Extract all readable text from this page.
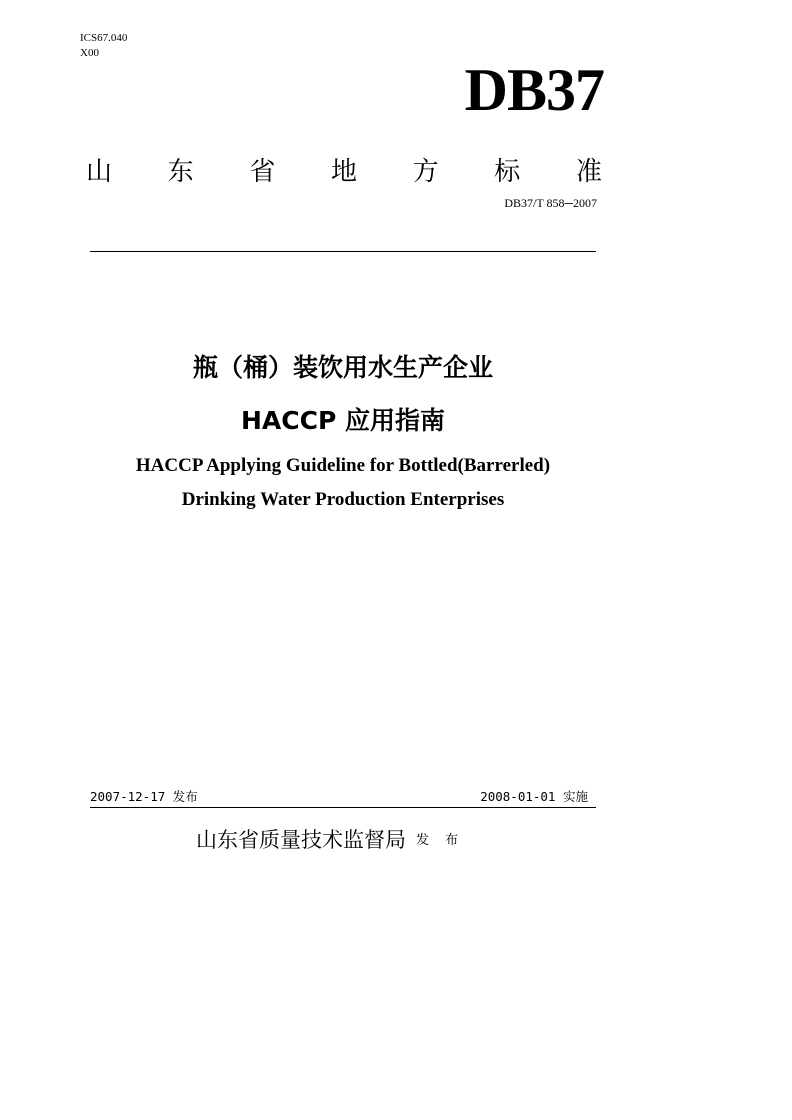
ICS67.040
X00
DB37
山 东 省 地 方 标 准
DB37/T 858─2007
瓶（桶）装饮用水生产企业
HACCP 应用指南
HACCP Applying Guideline for Bottled(Barrerled)
Drinking Water Production Enterprises
2007-12-17 发布	2008-01-01 实施
山东省质量技术监督局 发 布
